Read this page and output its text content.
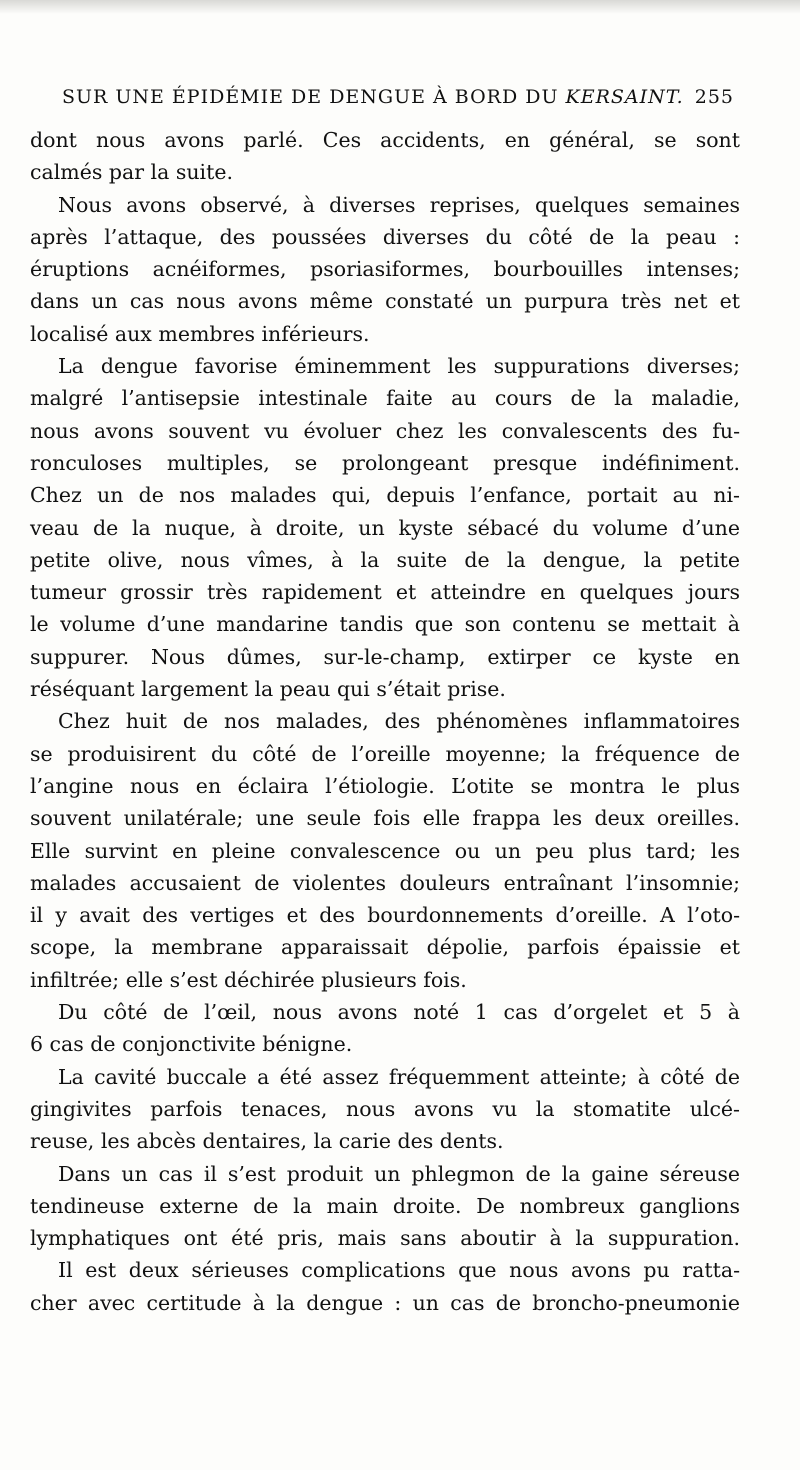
SUR UNE ÉPIDÉMIE DE DENGUE À BORD DU KERSAINT. 255
dont nous avons parlé. Ces accidents, en général, se sont
calmés par la suite.
Nous avons observé, à diverses reprises, quelques semaines
après l’attaque, des poussées diverses du côté de la peau :
éruptions acnéiformes, psoriasiformes, bourbouilles intenses;
dans un cas nous avons même constaté un purpura très net et
localisé aux membres inférieurs.
La dengue favorise éminemment les suppurations diverses;
malgré l’antisepsie intestinale faite au cours de la maladie,
nous avons souvent vu évoluer chez les convalescents des fu-
ronculoses multiples, se prolongeant presque indéfiniment.
Chez un de nos malades qui, depuis l’enfance, portait au ni-
veau de la nuque, à droite, un kyste sébacé du volume d’une
petite olive, nous vîmes, à la suite de la dengue, la petite
tumeur grossir très rapidement et atteindre en quelques jours
le volume d’une mandarine tandis que son contenu se mettait à
suppurer. Nous dûmes, sur-le-champ, extirper ce kyste en
réséquant largement la peau qui s’était prise.
Chez huit de nos malades, des phénomènes inflammatoires
se produisirent du côté de l’oreille moyenne; la fréquence de
l’angine nous en éclaira l’étiologie. L’otite se montra le plus
souvent unilatérale; une seule fois elle frappa les deux oreilles.
Elle survint en pleine convalescence ou un peu plus tard; les
malades accusaient de violentes douleurs entraînant l’insomnie;
il y avait des vertiges et des bourdonnements d’oreille. A l’oto-
scope, la membrane apparaissait dépolie, parfois épaissie et
infiltrée; elle s’est déchirée plusieurs fois.
Du côté de l’œil, nous avons noté 1 cas d’orgelet et 5 à
6 cas de conjonctivite bénigne.
La cavité buccale a été assez fréquemment atteinte; à côté de
gingivites parfois tenaces, nous avons vu la stomatite ulcé-
reuse, les abcès dentaires, la carie des dents.
Dans un cas il s’est produit un phlegmon de la gaine séreuse
tendineuse externe de la main droite. De nombreux ganglions
lymphatiques ont été pris, mais sans aboutir à la suppuration.
Il est deux sérieuses complications que nous avons pu ratta-
cher avec certitude à la dengue : un cas de broncho-pneumonie
